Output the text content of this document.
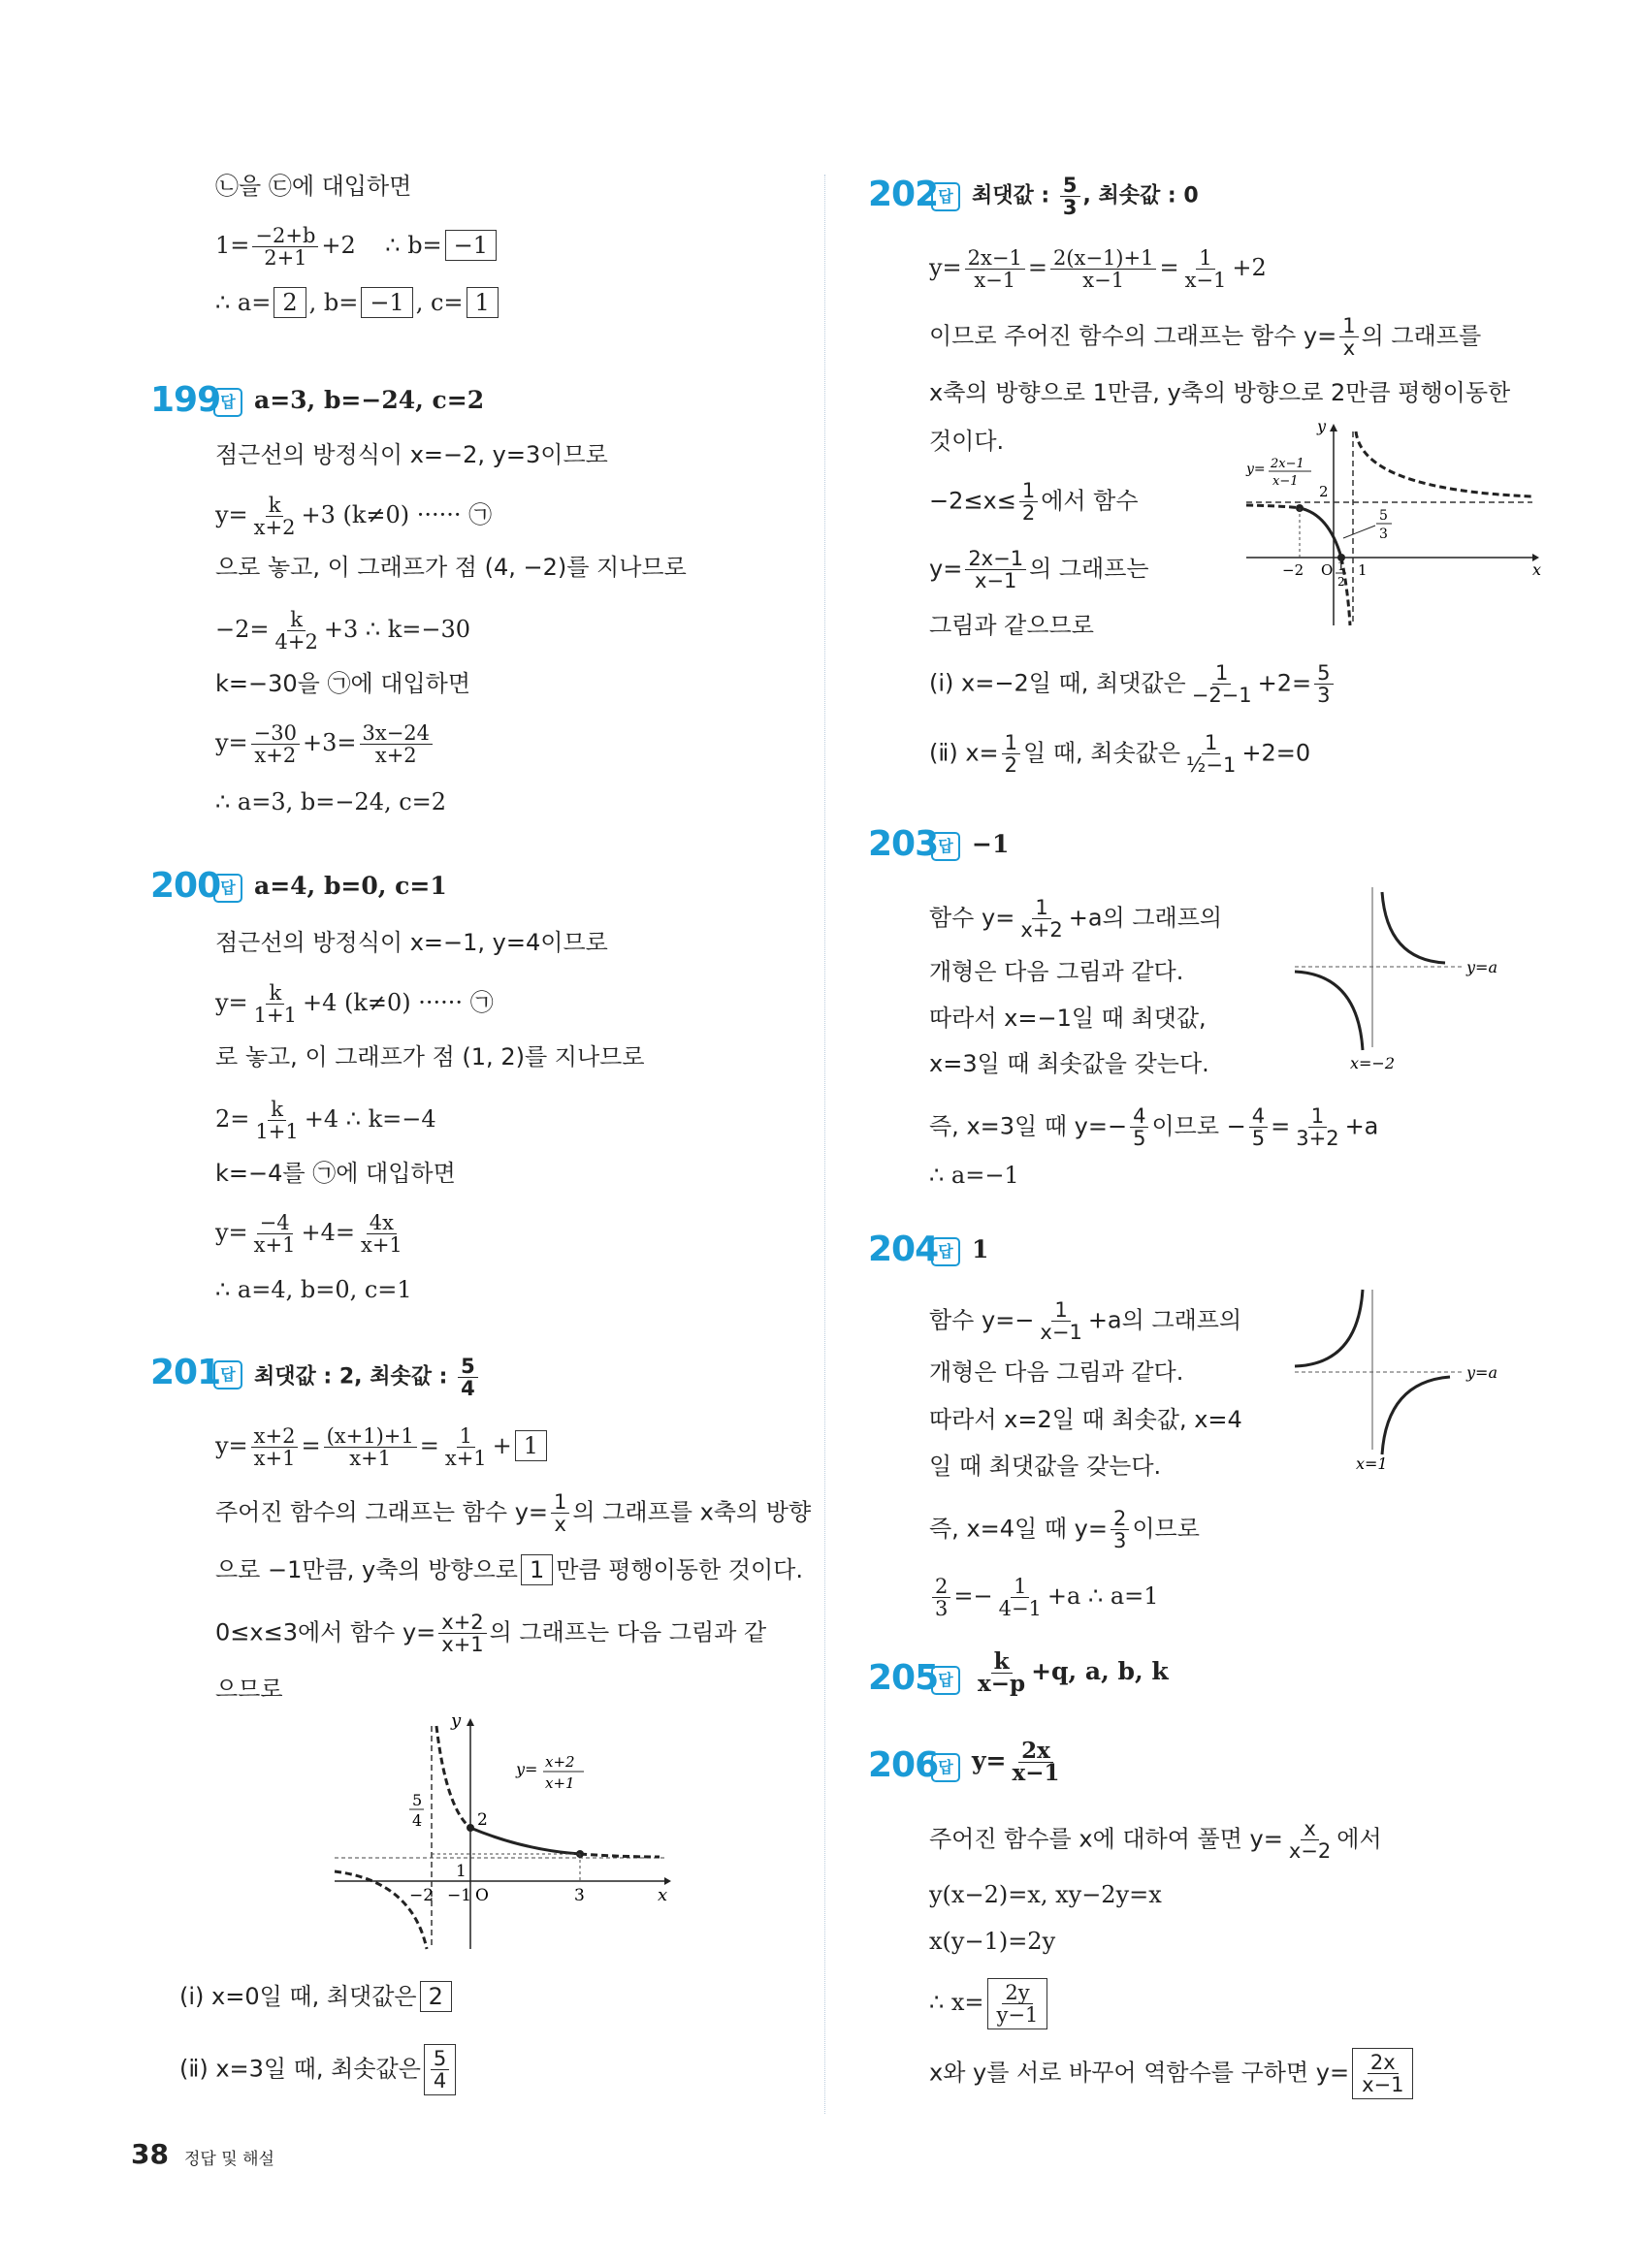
㉡을 ㉢에 대입하면
$1= \frac{-2+b}{2+1} +2$ ∴ b= −1
∴ a= 2 , b= −1 , c= 1
199 답 a=3, b=−24, c=2
점근선의 방정식이 x=−2, y=3이므로
$y= \frac{k}{x+2} +3$ (k≠0) ······ ㉠
으로 놓고, 이 그래프가 점 (4, −2)를 지나므로
$-2= \frac{k}{4+2} +3$ ∴ k=−30
k=−30을 ㉠에 대입하면
$y= \frac{-30}{x+2} +3= \frac{3x-24}{x+2}$
∴ a=3, b=−24, c=2
200 답 a=4, b=0, c=1
점근선의 방정식이 x=−1, y=4이므로
$y= \frac{k}{1+1} +4$ (k≠0) ······ ㉠
로 놓고, 이 그래프가 점 (1, 2)를 지나므로
$2= \frac{k}{1+1} +4$ ∴ k=−4
k=−4를 ㉠에 대입하면
$y= \frac{-4}{x+1} +4= \frac{4x}{x+1}$
∴ a=4, b=0, c=1
201 답 최댓값 : 2, 최솟값 : $\frac{5}{4}$
$y= \frac{x+2}{x+1} = \frac{(x+1)+1}{x+1} = \frac{1}{x+1} + 1$
주어진 함수의 그래프는 함수 $y= \frac{1}{x}$ 의 그래프를 x축의 방향
으로 −1만큼, y축의 방향으로 1 만큼 평행이동한 것이다.
0≤x≤3에서 함수 $y= \frac{x+2}{x+1}$ 의 그래프는 다음 그림과 같
으므로
y
x
y= x+2
x+1
5
4	2
1
−2 −1 O	3
(ⅰ) x=0일 때, 최댓값은 2
(ⅱ) x=3일 때, 최솟값은 $\frac{5}{4}$
202 답 최댓값 : $\frac{5}{3}$ , 최솟값 : 0
$y= \frac{2x-1}{x-1} = \frac{2(x-1)+1}{x-1} = \frac{1}{x-1} +2$
이므로 주어진 함수의 그래프는 함수 $y= \frac{1}{x}$ 의 그래프를
x축의 방향으로 1만큼, y축의 방향으로 2만큼 평행이동한
것이다.
$-2\le x\le \frac{1}{2}$ 에서 함수
$y= \frac{2x-1}{x-1}$ 의 그래프는
그림과 같으므로
y
x
y= 2x−1
x−1
2
5
3
−2 O 1
1
2
(ⅰ) x=−2일 때, 최댓값은 $\frac{1}{-2-1} +2= \frac{5}{3}$
(ⅱ) $x= \frac{1}{2}$ 일 때, 최솟값은 $\frac{1}{\text{½−1}} +2=0$
203 답 −1
함수 $y= \frac{1}{x+2} +a$의 그래프의
개형은 다음 그림과 같다.
따라서 x=−1일 때 최댓값,
x=3일 때 최솟값을 갖는다.
y=a
x=−2
즉, x=3일 때 $y=- \frac{4}{5}$ 이므로 − $\frac{4}{5} = \frac{1}{3+2} +a$
∴ a=−1
204 답 1
함수 $y=- \frac{1}{x-1} +a$의 그래프의
개형은 다음 그림과 같다.
따라서 x=2일 때 최솟값, x=4
일 때 최댓값을 갖는다.
y=a
x=1
즉, x=4일 때 $y= \frac{2}{3}$ 이므로
$\frac{2}{3} =- \frac{1}{4-1} +a$ ∴ a=1
205 답 $\frac{k}{x-p} +q$, a, b, k
206 답 $y= \frac{2x}{x-1}$
주어진 함수를 x에 대하여 풀면 $y= \frac{x}{x-2}$ 에서
y(x−2)=x, xy−2y=x
x(y−1)=2y
∴ $x= \frac{2y}{y-1}$
x와 y를 서로 바꾸어 역함수를 구하면 $y= \frac{2x}{x-1}$
38 정답 및 해설
